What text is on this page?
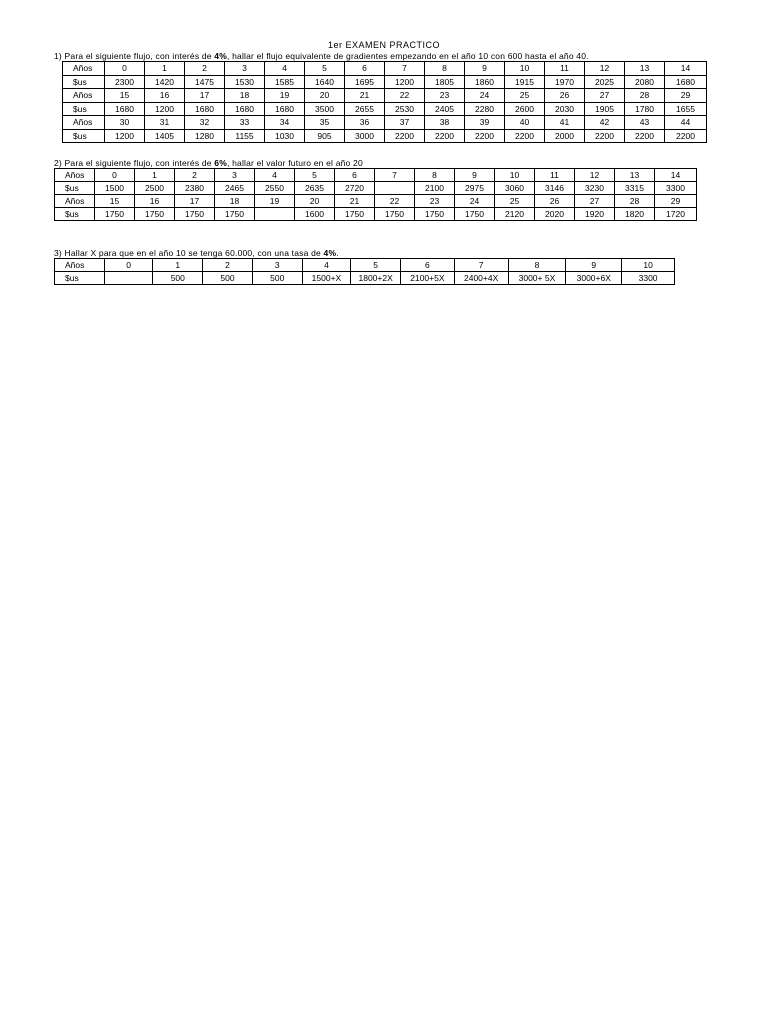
1er EXAMEN PRACTICO
1) Para el siguiente flujo, con interés de 4%, hallar el flujo equivalente de gradientes empezando en el año 10 con 600 hasta el año 40.
Años	0	1	2	3	4	5	6	7	8	9	10	11	12	13	14
$us	2300	1420	1475	1530	1585	1640	1695	1200	1805	1860	1915	1970	2025	2080	1680
Años	15	16	17	18	19	20	21	22	23	24	25	26	27	28	29
$us	1680	1200	1680	1680	1680	3500	2655	2530	2405	2280	2600	2030	1905	1780	1655
Años	30	31	32	33	34	35	36	37	38	39	40	41	42	43	44
$us	1200	1405	1280	1155	1030	905	3000	2200	2200	2200	2200	2000	2200	2200	2200
2) Para el siguiente flujo, con interés de 6%, hallar el valor futuro en el año 20
Años	0	1	2	3	4	5	6	7	8	9	10	11	12	13	14
$us	1500	2500	2380	2465	2550	2635	2720		2100	2975	3060	3146	3230	3315	3300
Años	15	16	17	18	19	20	21	22	23	24	25	26	27	28	29
$us	1750	1750	1750	1750		1600	1750	1750	1750	1750	2120	2020	1920	1820	1720
3) Hallar X para que en el año 10 se tenga 60.000, con una tasa de 4%.
Años	0	1	2	3	4	5	6	7	8	9	10
$us		500	500	500	1500+X	1800+2X	2100+5X	2400+4X	3000+ 5X	3000+6X	3300
